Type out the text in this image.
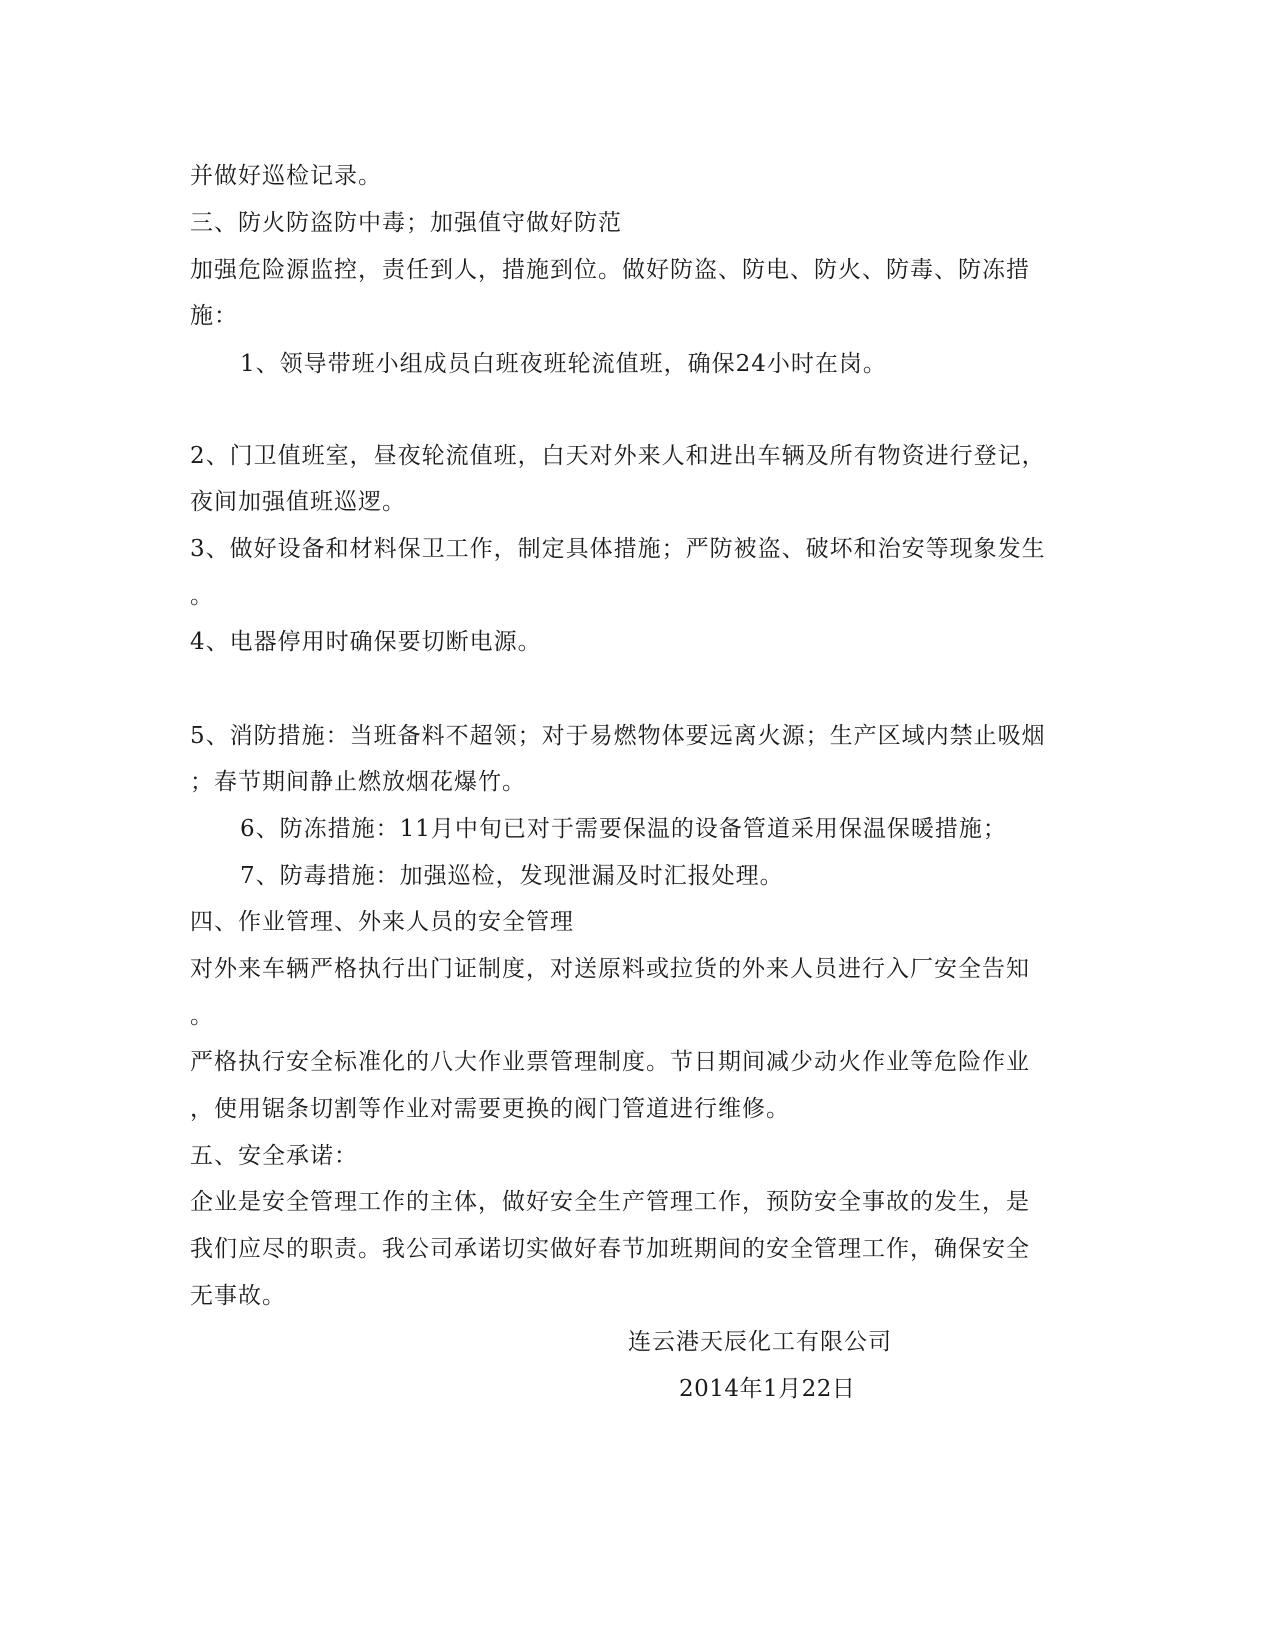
并做好巡检记录。
三、防火防盗防中毒；加强值守做好防范
加强危险源监控，责任到人，措施到位。做好防盗、防电、防火、防毒、防冻措
施：
1、领导带班小组成员白班夜班轮流值班，确保24小时在岗。
2、门卫值班室，昼夜轮流值班，白天对外来人和进出车辆及所有物资进行登记，
夜间加强值班巡逻。
3、做好设备和材料保卫工作，制定具体措施；严防被盗、破坏和治安等现象发生
。
4、电器停用时确保要切断电源。
5、消防措施：当班备料不超领；对于易燃物体要远离火源；生产区域内禁止吸烟
；春节期间静止燃放烟花爆竹。
6、防冻措施：11月中旬已对于需要保温的设备管道采用保温保暖措施；
7、防毒措施：加强巡检，发现泄漏及时汇报处理。
四、作业管理、外来人员的安全管理
对外来车辆严格执行出门证制度，对送原料或拉货的外来人员进行入厂安全告知
。
严格执行安全标准化的八大作业票管理制度。节日期间减少动火作业等危险作业
，使用锯条切割等作业对需要更换的阀门管道进行维修。
五、安全承诺：
企业是安全管理工作的主体，做好安全生产管理工作，预防安全事故的发生，是
我们应尽的职责。我公司承诺切实做好春节加班期间的安全管理工作，确保安全
无事故。
连云港天辰化工有限公司
2014年1月22日
